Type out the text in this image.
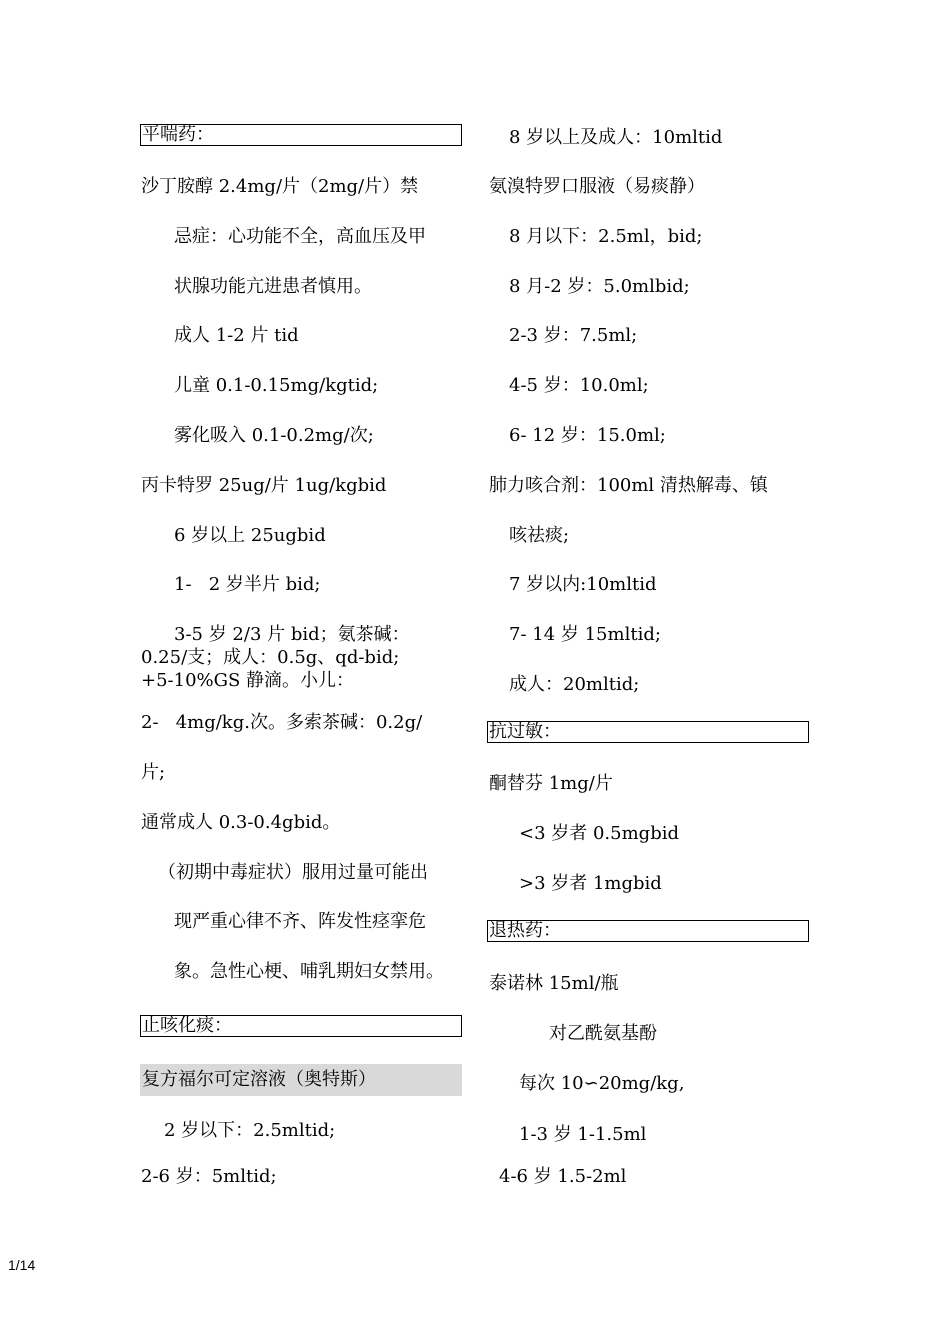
平喘药：
沙丁胺醇 2.4mg/片（2mg/片）禁
忌症：心功能不全，高血压及甲
状腺功能亢进患者慎用。
成人 1-2 片 tid
儿童 0.1-0.15mg/kgtid;
雾化吸入 0.1-0.2mg/次;
丙卡特罗 25ug/片 1ug/kgbid
6 岁以上 25ugbid
1-   2 岁半片 bid;
3-5 岁 2/3 片 bid；氨茶碱：
0.25/支；成人：0.5g、qd-bid;
+5-10%GS 静滴。小儿：
2-   4mg/kg.次。多索茶碱：0.2g/
片;
通常成人 0.3-0.4gbid。
（初期中毒症状）服用过量可能出
现严重心律不齐、阵发性痉挛危
象。急性心梗、哺乳期妇女禁用。
止咳化痰：
复方福尔可定溶液（奥特斯）
2 岁以下：2.5mltid;
2-6 岁：5mltid;
8 岁以上及成人：10mltid
氨溴特罗口服液（易痰静）
8 月以下：2.5ml，bid;
8 月-2 岁：5.0mlbid;
2-3 岁：7.5ml;
4-5 岁：10.0ml;
6- 12 岁：15.0ml;
肺力咳合剂：100ml 清热解毒、镇
咳祛痰;
7 岁以内:10mltid
7- 14 岁 15mltid;
成人：20mltid;
抗过敏：
酮替芬 1mg/片
<3 岁者 0.5mgbid
>3 岁者 1mgbid
退热药：
泰诺林 15ml/瓶
对乙酰氨基酚
每次 10∽20mg/kg,
1-3 岁 1-1.5ml
4-6 岁 1.5-2ml
1/14
